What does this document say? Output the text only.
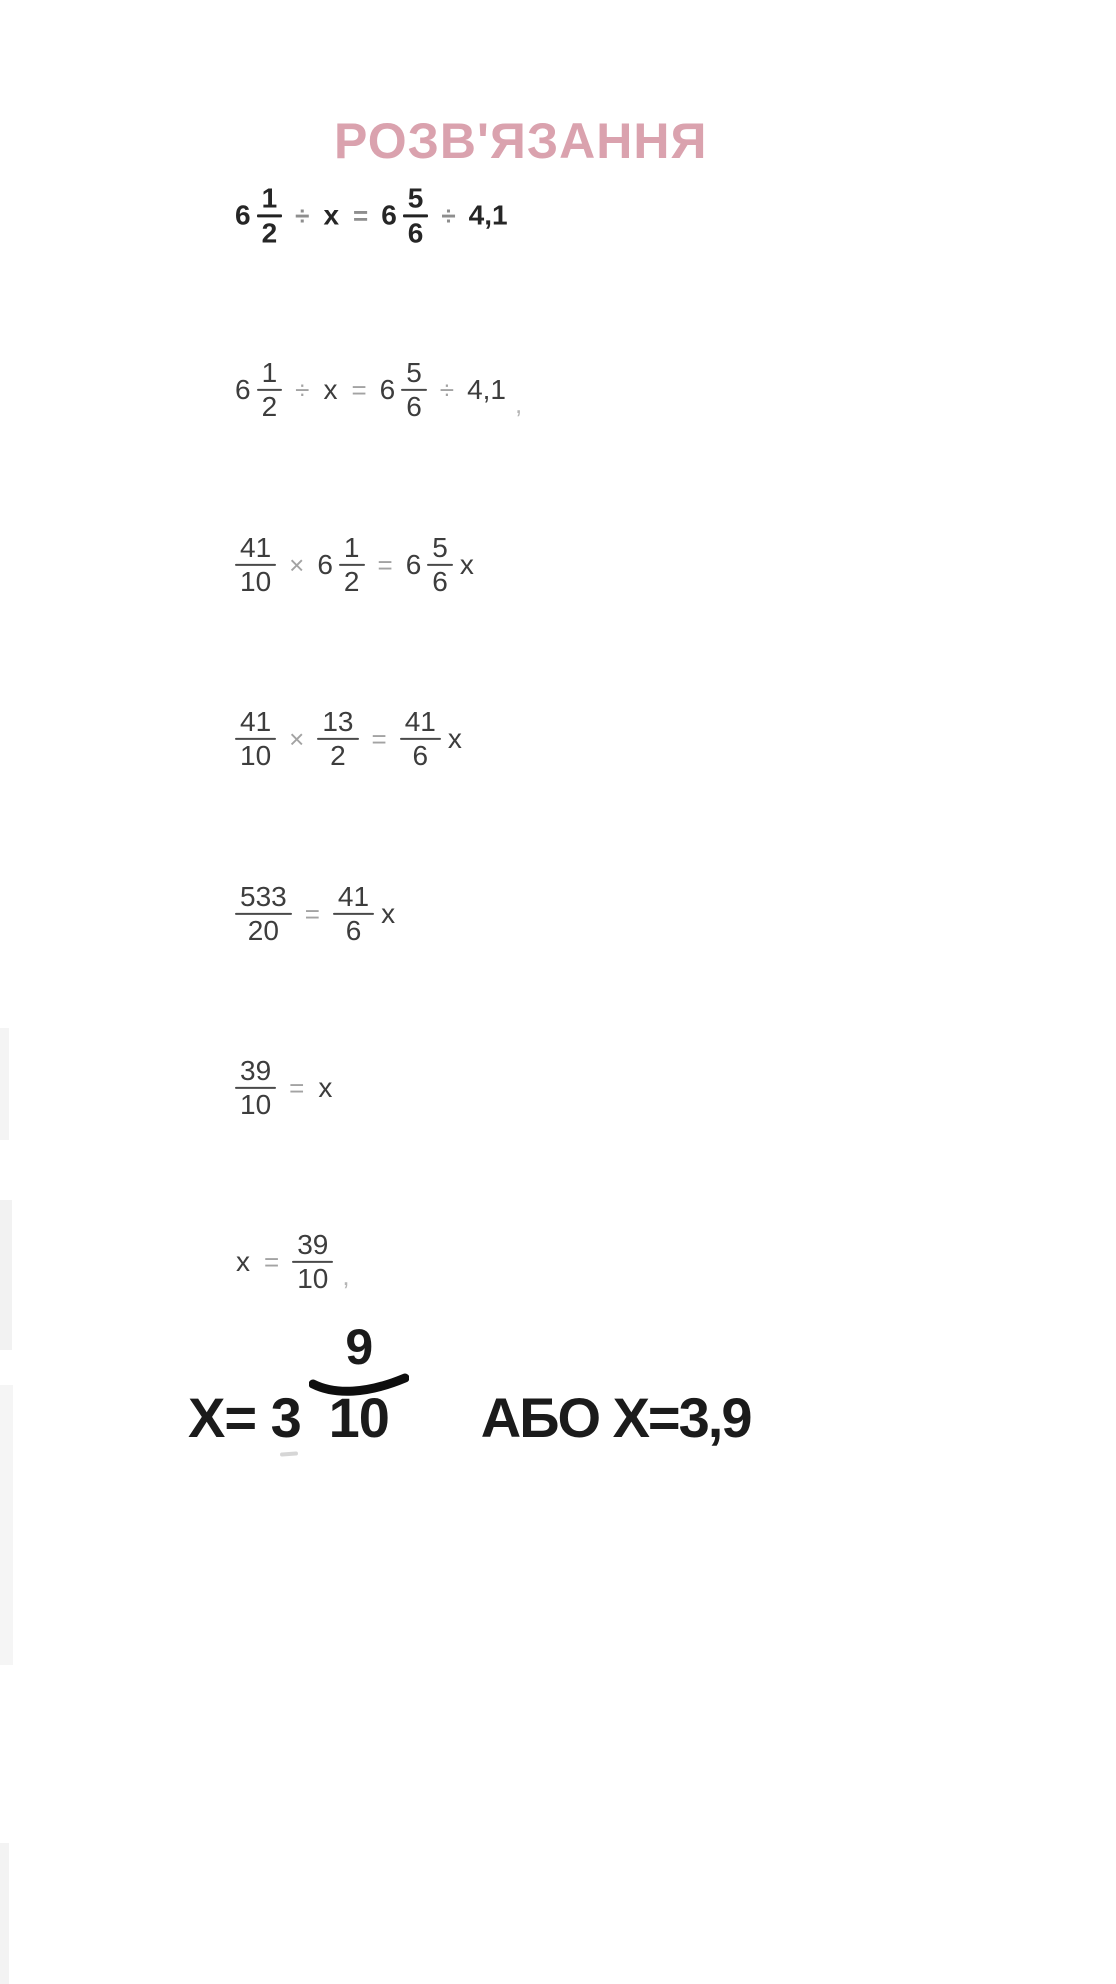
РОЗВ'ЯЗАННЯ
$6 \frac{1}{2} \div x = 6 \frac{5}{6} \div 4,1$
$6 \frac{1}{2} \div x = 6 \frac{5}{6} \div 4,1$ ,
$\frac{41}{10} \times 6 \frac{1}{2} = 6 \frac{5}{6}$ x
$\frac{41}{10} \times \frac{13}{2} = \frac{41}{6}$ x
$\frac{533}{20} = \frac{41}{6}$ x
$\frac{39}{10} = x$
$x = \frac{39}{10}$ ,
X= 3
9
10 АБО X=3,9
